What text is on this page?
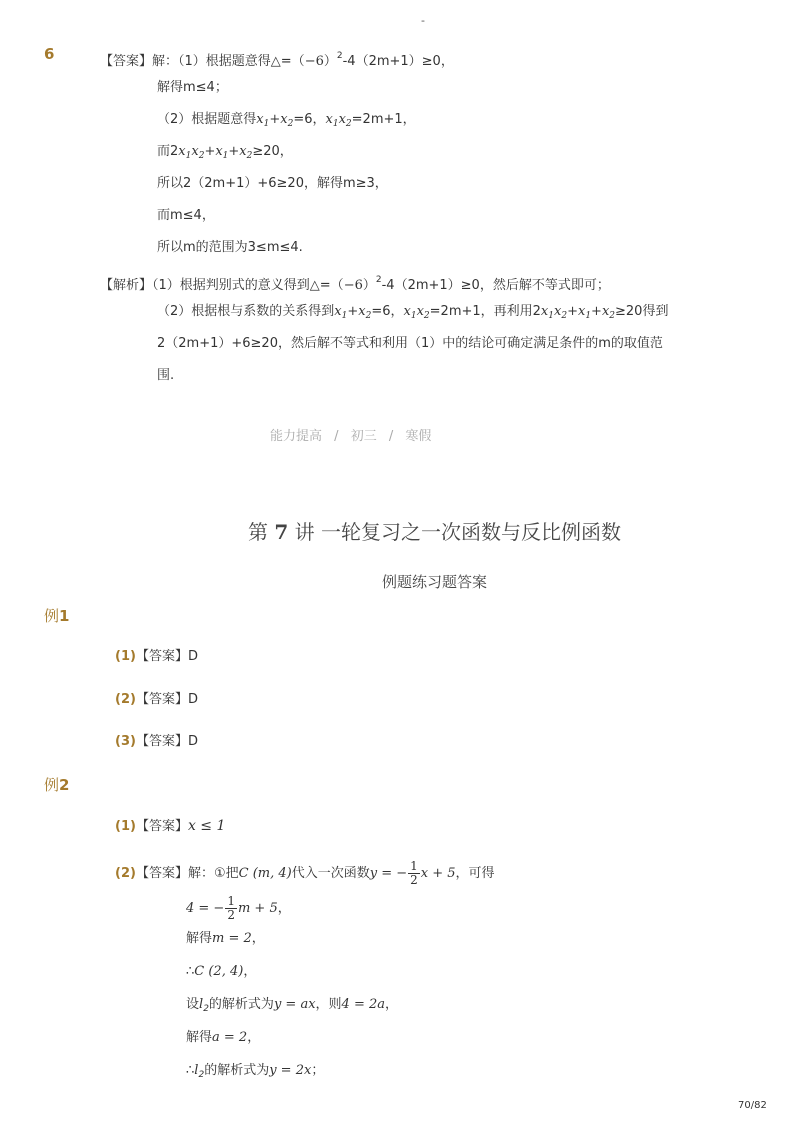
-
6	【答案】解：（1）根据题意得$\triangle=(-6)^2-4(2m+1)\ge 0$，
解得m≤4；
（2）根据题意得$x_1+x_2=6$，$x_1x_2=2m+1$，
而$2x_1x_2+x_1+x_2\ge 20$，
所以2（2m+1）+6≥20，解得m≥3，
而m≤4，
所以m的范围为3≤m≤4.
【解析】（1）根据判别式的意义得到$\triangle=(-6)^2-4(2m+1)\ge 0$，然后解不等式即可；
（2）根据根与系数的关系得到$x_1+x_2=6$，$x_1x_2=2m+1$，再利用$2x_1x_2+x_1+x_2\ge 20$得到
2（2m+1）+6≥20，然后解不等式和利用（1）中的结论可确定满足条件的m的取值范
围.
能力提高 / 初三 / 寒假
第 7 讲 一轮复习之一次函数与反比例函数
例题练习题答案
例1
(1)【答案】D
(2)【答案】D
(3)【答案】D
例2
(1)【答案】x ≤ 1
(2)【答案】解：①把C (m, 4)代入一次函数y = − $\frac{1}{2}$ x + 5，可得
4 = − $\frac{1}{2}$ m + 5，
解得m = 2，
∴C (2, 4)，
设$l_2$的解析式为y = ax，则4 = 2a，
解得a = 2，
$\therefore l_2$的解析式为y = 2x；
70/82
